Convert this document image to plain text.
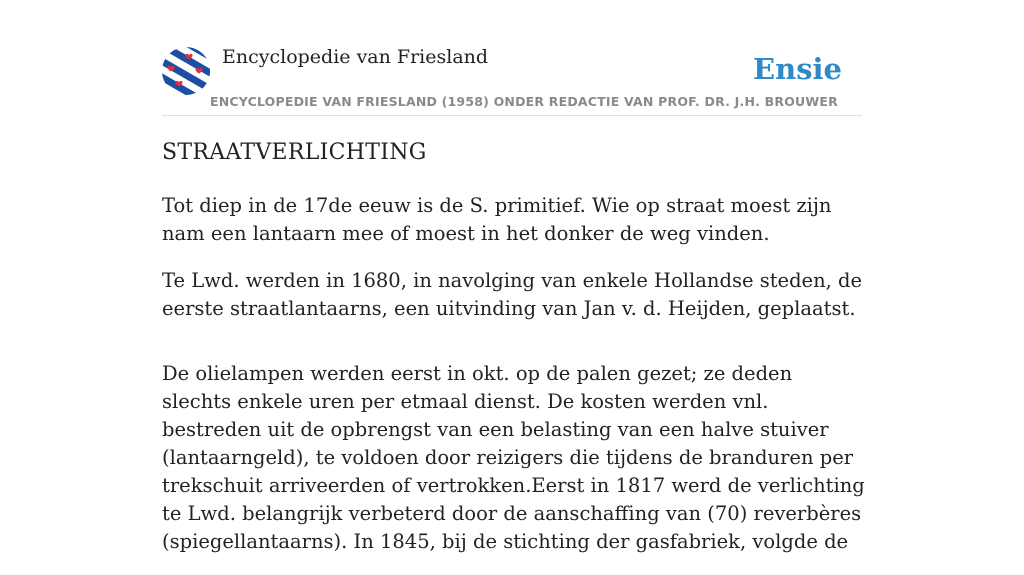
Encyclopedie van Friesland	Ensie
ENCYCLOPEDIE VAN FRIESLAND (1958) ONDER REDACTIE VAN PROF. DR. J.H. BROUWER
STRAATVERLICHTING

Tot diep in de 17de eeuw is de S. primitief. Wie op straat moest zijn nam een lantaarn mee of moest in het donker de weg vinden.

Te Lwd. werden in 1680, in navolging van enkele Hollandse steden, de eerste straatlantaarns, een uitvinding van Jan v. d. Heijden, geplaatst.

De olielampen werden eerst in okt. op de palen gezet; ze deden slechts enkele uren per etmaal dienst. De kosten werden vnl. bestreden uit de opbrengst van een belasting van een halve stuiver (lantaarngeld), te voldoen door reizigers die tijdens de branduren per trekschuit arriveerden of vertrokken.Eerst in 1817 werd de verlichting te Lwd. belangrijk verbeterd door de aanschaffing van (70) reverbères (spiegellantaarns). In 1845, bij de stichting der gasfabriek, volgde de
